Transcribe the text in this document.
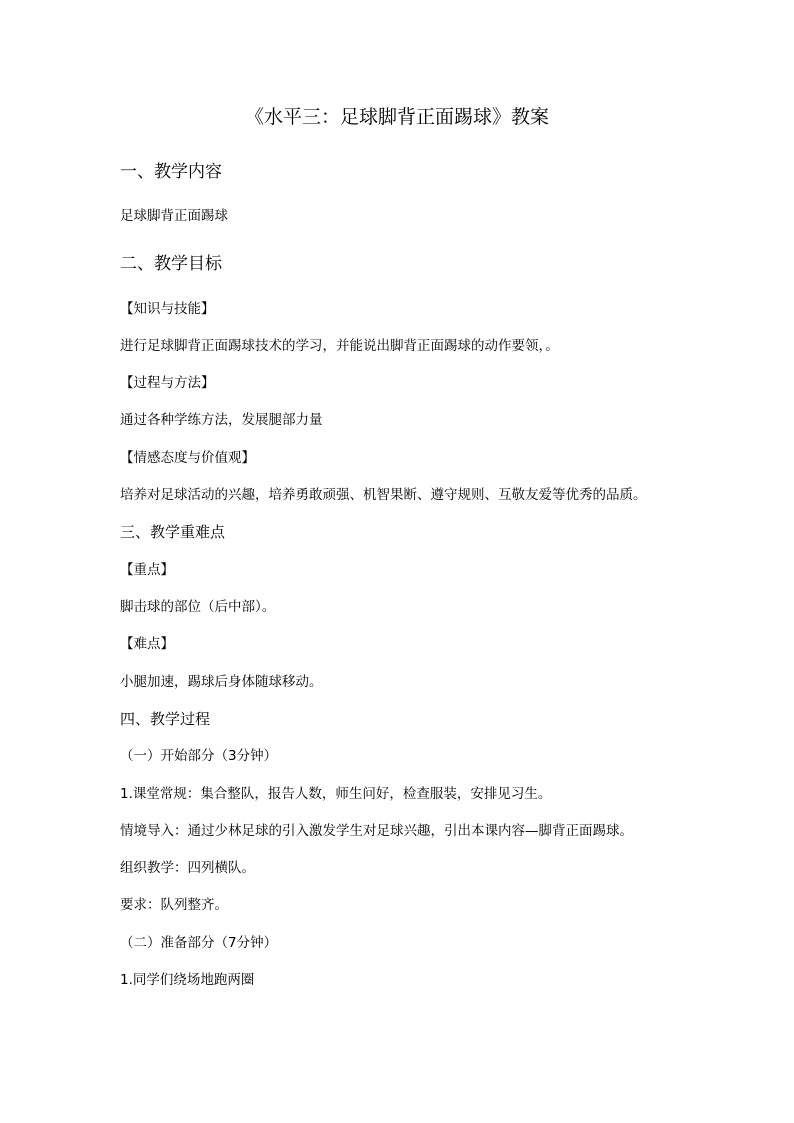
《水平三：足球脚背正面踢球》教案
一、教学内容
足球脚背正面踢球
二、教学目标
【知识与技能】
进行足球脚背正面踢球技术的学习，并能说出脚背正面踢球的动作要领，。
【过程与方法】
通过各种学练方法，发展腿部力量
【情感态度与价值观】
培养对足球活动的兴趣，培养勇敢顽强、机智果断、遵守规则、互敬友爱等优秀的品质。
三、教学重难点
【重点】
脚击球的部位（后中部）。
【难点】
小腿加速，踢球后身体随球移动。
四、教学过程
（一）开始部分（3分钟）
1.课堂常规：集合整队，报告人数，师生问好，检查服装，安排见习生。
情境导入：通过少林足球的引入激发学生对足球兴趣，引出本课内容—脚背正面踢球。
组织教学：四列横队。
要求：队列整齐。
（二）准备部分（7分钟）
1.同学们绕场地跑两圈
